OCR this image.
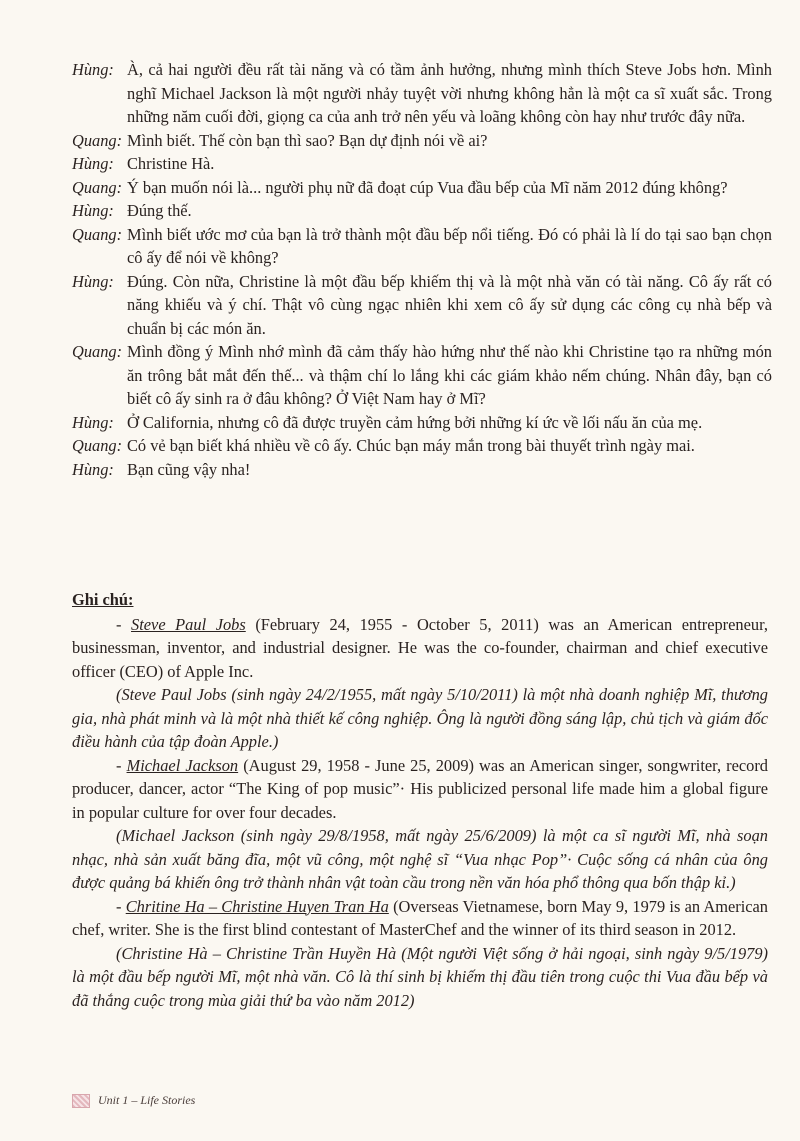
Hùng: À, cả hai người đều rất tài năng và có tầm ảnh hưởng, nhưng mình thích Steve Jobs hơn. Mình nghĩ Michael Jackson là một người nhảy tuyệt vời nhưng không hẳn là một ca sĩ xuất sắc. Trong những năm cuối đời, giọng ca của anh trở nên yếu và loãng không còn hay như trước đây nữa.
Quang: Mình biết. Thế còn bạn thì sao? Bạn dự định nói về ai?
Hùng: Christine Hà.
Quang: Ý bạn muốn nói là... người phụ nữ đã đoạt cúp Vua đầu bếp của Mĩ năm 2012 đúng không?
Hùng: Đúng thế.
Quang: Mình biết ước mơ của bạn là trở thành một đầu bếp nổi tiếng. Đó có phải là lí do tại sao bạn chọn cô ấy để nói về không?
Hùng: Đúng. Còn nữa, Christine là một đầu bếp khiếm thị và là một nhà văn có tài năng. Cô ấy rất có năng khiếu và ý chí. Thật vô cùng ngạc nhiên khi xem cô ấy sử dụng các công cụ nhà bếp và chuẩn bị các món ăn.
Quang: Mình đồng ý Mình nhớ mình đã cảm thấy hào hứng như thế nào khi Christine tạo ra những món ăn trông bắt mắt đến thế... và thậm chí lo lắng khi các giám khảo nếm chúng. Nhân đây, bạn có biết cô ấy sinh ra ở đâu không? Ở Việt Nam hay ở Mĩ?
Hùng: Ở California, nhưng cô đã được truyền cảm hứng bởi những kí ức về lối nấu ăn của mẹ.
Quang: Có vẻ bạn biết khá nhiều về cô ấy. Chúc bạn máy mắn trong bài thuyết trình ngày mai.
Hùng: Bạn cũng vậy nha!
Ghi chú:
- Steve Paul Jobs (February 24, 1955 - October 5, 2011) was an American entrepreneur, businessman, inventor, and industrial designer. He was the co-founder, chairman and chief executive officer (CEO) of Apple Inc.
(Steve Paul Jobs (sinh ngày 24/2/1955, mất ngày 5/10/2011) là một nhà doanh nghiệp Mĩ, thương gia, nhà phát minh và là một nhà thiết kế công nghiệp. Ông là người đồng sáng lập, chủ tịch và giám đốc điều hành của tập đoàn Apple.)
- Michael Jackson (August 29, 1958 - June 25, 2009) was an American singer, songwriter, record producer, dancer, actor “The King of pop music”· His publicized personal life made him a global figure in popular culture for over four decades.
(Michael Jackson (sinh ngày 29/8/1958, mất ngày 25/6/2009) là một ca sĩ người Mĩ, nhà soạn nhạc, nhà sản xuất băng đĩa, một vũ công, một nghệ sĩ “Vua nhạc Pop”· Cuộc sống cá nhân của ông được quảng bá khiến ông trở thành nhân vật toàn cầu trong nền văn hóa phổ thông qua bốn thập kỉ.)
- Chritine Ha – Christine Huyen Tran Ha (Overseas Vietnamese, born May 9, 1979 is an American chef, writer. She is the first blind contestant of MasterChef and the winner of its third season in 2012.
(Christine Hà – Christine Trần Huyền Hà (Một người Việt sống ở hải ngoại, sinh ngày 9/5/1979) là một đầu bếp người Mĩ, một nhà văn. Cô là thí sinh bị khiếm thị đầu tiên trong cuộc thi Vua đầu bếp và đã thắng cuộc trong mùa giải thứ ba vào năm 2012)
Unit 1 – Life Stories
